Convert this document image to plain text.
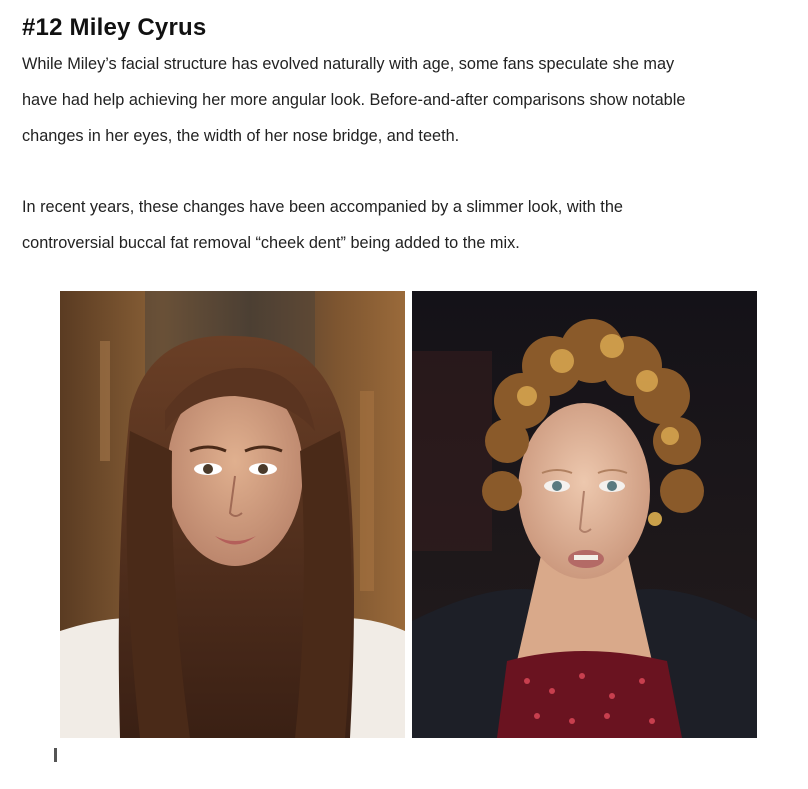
#12 Miley Cyrus
While Miley’s facial structure has evolved naturally with age, some fans speculate she may
have had help achieving her more angular look. Before-and-after comparisons show notable
changes in her eyes, the width of her nose bridge, and teeth.
In recent years, these changes have been accompanied by a slimmer look, with the
controversial buccal fat removal “cheek dent” being added to the mix.
